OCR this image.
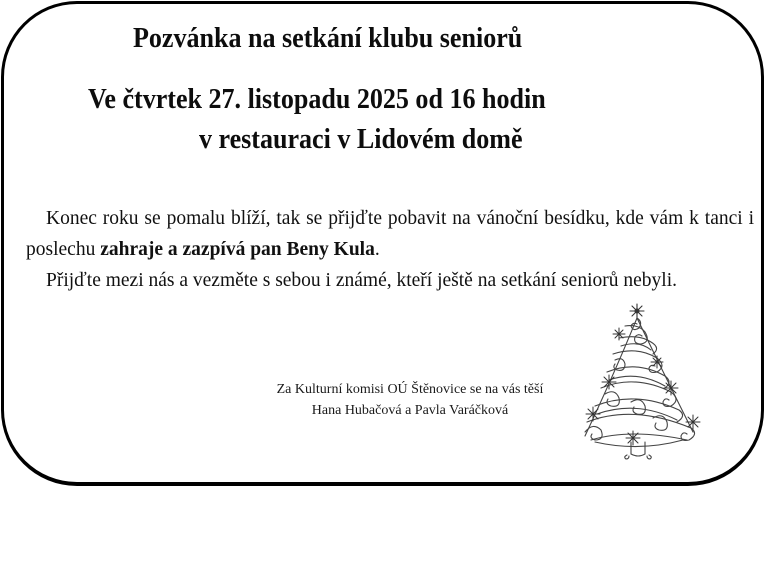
Pozvánka na setkání klubu seniorů
Ve čtvrtek 27. listopadu 2025 od 16 hodin
v restauraci v Lidovém domě

Konec roku se pomalu blíží, tak se přijďte pobavit na vánoční besídku, kde vám k tanci i poslechu zahraje a zazpívá pan Beny Kula.

Přijďte mezi nás a vezměte s sebou i známé, kteří ještě na setkání seniorů nebyli.

Za Kulturní komisi OÚ Štěnovice se na vás těší
Hana Hubačová a Pavla Varáčková
